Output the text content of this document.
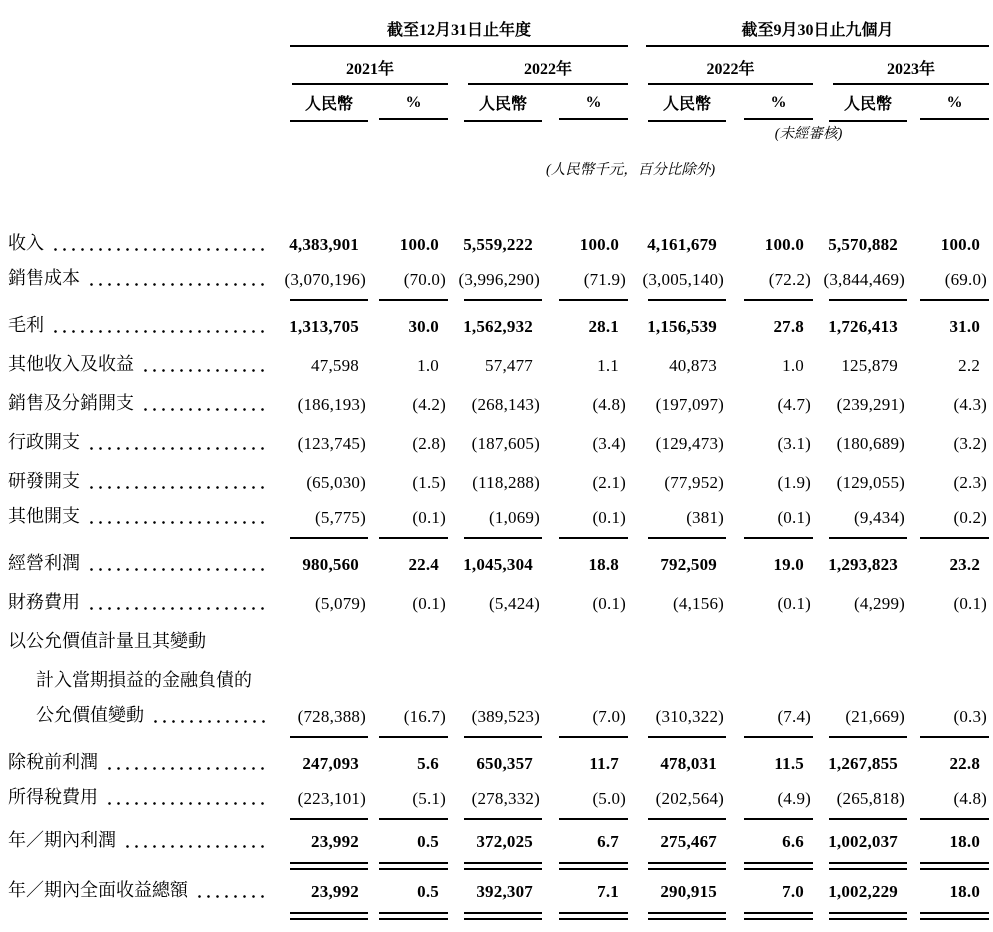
	截至12月31日止年度				截至9月30日止九個月			

	2021年		2022年		2022年		2023年	

	人民幣	%	人民幣	%	人民幣	%	人民幣	%

					(未經審核)			
	(人民幣千元，百分比除外)							

收入	4,383,901	100.0	5,559,222	100.0	4,161,679	100.0	5,570,882	100.0

銷售成本	(3,070,196)	(70.0)	(3,996,290)	(71.9)	(3,005,140)	(72.2)	(3,844,469)	(69.0)

毛利	1,313,705	30.0	1,562,932	28.1	1,156,539	27.8	1,726,413	31.0

其他收入及收益	47,598	1.0	57,477	1.1	40,873	1.0	125,879	2.2

銷售及分銷開支	(186,193)	(4.2)	(268,143)	(4.8)	(197,097)	(4.7)	(239,291)	(4.3)

行政開支	(123,745)	(2.8)	(187,605)	(3.4)	(129,473)	(3.1)	(180,689)	(3.2)

研發開支	(65,030)	(1.5)	(118,288)	(2.1)	(77,952)	(1.9)	(129,055)	(2.3)

其他開支	(5,775)	(0.1)	(1,069)	(0.1)	(381)	(0.1)	(9,434)	(0.2)

經營利潤	980,560	22.4	1,045,304	18.8	792,509	19.0	1,293,823	23.2

財務費用	(5,079)	(0.1)	(5,424)	(0.1)	(4,156)	(0.1)	(4,299)	(0.1)

以公允價值計量且其變動								

計入當期損益的金融負債的								

公允價值變動	(728,388)	(16.7)	(389,523)	(7.0)	(310,322)	(7.4)	(21,669)	(0.3)

除稅前利潤	247,093	5.6	650,357	11.7	478,031	11.5	1,267,855	22.8

所得稅費用	(223,101)	(5.1)	(278,332)	(5.0)	(202,564)	(4.9)	(265,818)	(4.8)

年／期內利潤	23,992	0.5	372,025	6.7	275,467	6.6	1,002,037	18.0

年／期內全面收益總額	23,992	0.5	392,307	7.1	290,915	7.0	1,002,229	18.0
